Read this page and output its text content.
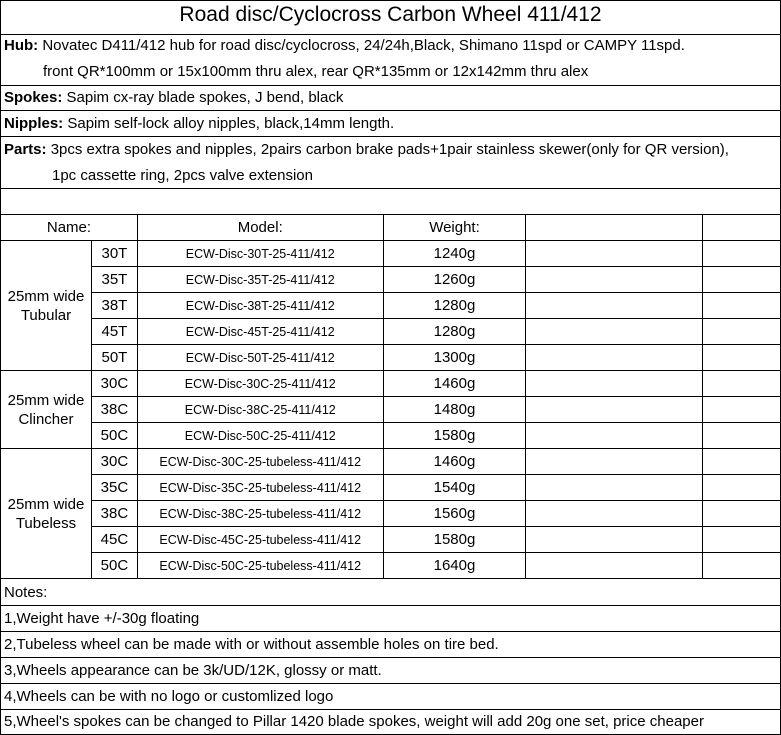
Road disc/Cyclocross Carbon Wheel 411/412
Hub: Novatec D411/412 hub for road disc/cyclocross, 24/24h,Black, Shimano 11spd or CAMPY 11spd.
front QR*100mm or 15x100mm thru alex, rear QR*135mm or 12x142mm thru alex
Spokes: Sapim cx-ray blade spokes, J bend, black
Nipples: Sapim self-lock alloy nipples, black,14mm length.
Parts: 3pcs extra spokes and nipples, 2pairs carbon brake pads+1pair stainless skewer(only for QR version),
1pc cassette ring, 2pcs valve extension
Name:		Model:	Weight:		

25mm wide
Tubular	30T	ECW-Disc-30T-25-411/412	1240g		
	35T	ECW-Disc-35T-25-411/412	1260g		
	38T	ECW-Disc-38T-25-411/412	1280g		
	45T	ECW-Disc-45T-25-411/412	1280g		
	50T	ECW-Disc-50T-25-411/412	1300g		

25mm wide
Clincher	30C	ECW-Disc-30C-25-411/412	1460g		
	38C	ECW-Disc-38C-25-411/412	1480g		
	50C	ECW-Disc-50C-25-411/412	1580g		

25mm wide
Tubeless	30C	ECW-Disc-30C-25-tubeless-411/412	1460g		
	35C	ECW-Disc-35C-25-tubeless-411/412	1540g		
	38C	ECW-Disc-38C-25-tubeless-411/412	1560g		
	45C	ECW-Disc-45C-25-tubeless-411/412	1580g		
	50C	ECW-Disc-50C-25-tubeless-411/412	1640g		
Notes:
1,Weight have +/-30g floating
2,Tubeless wheel can be made with or without assemble holes on tire bed.
3,Wheels appearance can be 3k/UD/12K, glossy or matt.
4,Wheels can be with no logo or customlized logo
5,Wheel's spokes can be changed to Pillar 1420 blade spokes, weight will add 20g one set, price cheaper
